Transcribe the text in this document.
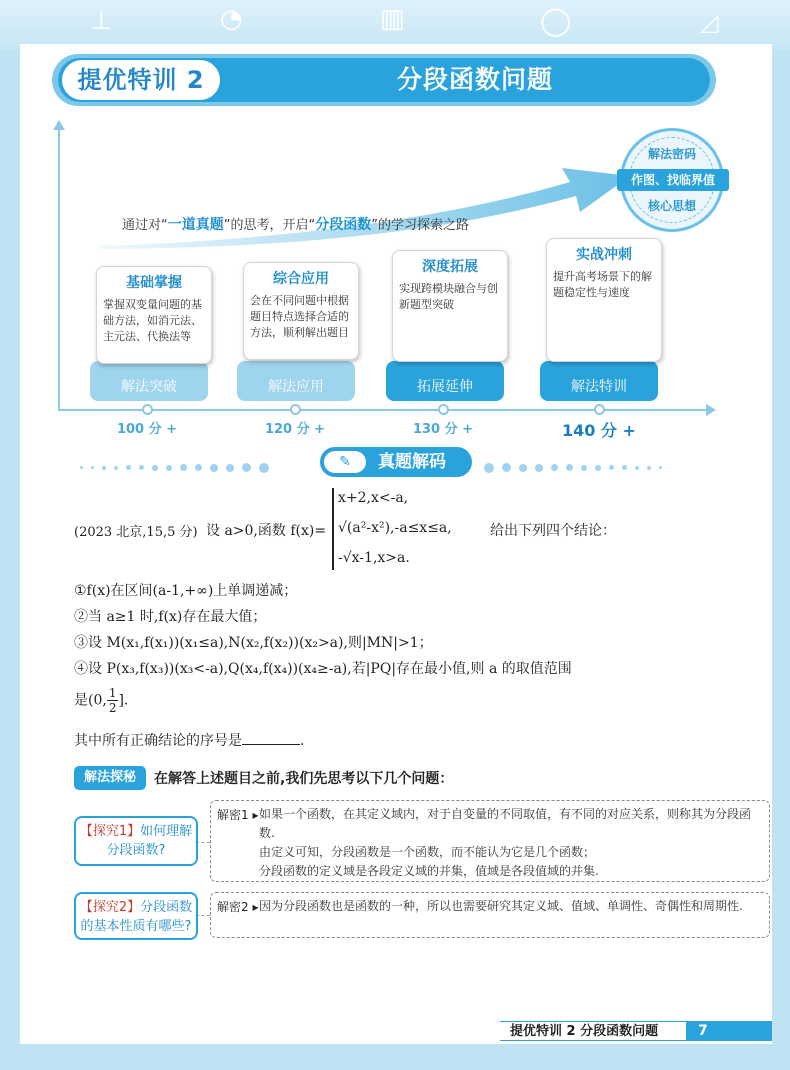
⊥	◔	▥	◯	◿
提优特训 2	分段函数问题
解法密码
作图、找临界值
核心思想
通过对“一道真题”的思考，开启“分段函数”的学习探索之路
解法突破
基础掌握
掌握双变量问题的基础方法，如消元法、主元法、代换法等
100 分 +
解法应用
综合应用
会在不同问题中根据题目特点选择合适的方法，顺利解出题目
120 分 +
拓展延伸
深度拓展
实现跨模块融合与创新题型突破
130 分 +
解法特训
实战冲刺
提升高考场景下的解题稳定性与速度
140 分 +
真题解码
✎
(2023 北京,15,5 分) 设 a>0,函数 f(x)=
x+2,x<-a,
√(a²-x²),-a≤x≤a,
-√x-1,x>a.
给出下列四个结论：
①f(x)在区间(a-1,+∞)上单调递减；
②当 a≥1 时,f(x)存在最大值；
③设 M(x₁,f(x₁))(x₁≤a),N(x₂,f(x₂))(x₂>a),则|MN|>1；
④设 P(x₃,f(x₃))(x₃<-a),Q(x₄,f(x₄))(x₄≥-a),若|PQ|存在最小值,则 a 的取值范围
是(0, $\frac{1}{2}$ ].
其中所有正确结论的序号是	.
解法探秘	在解答上述题目之前,我们先思考以下几个问题：
解密1 ▸ 如果一个函数，在其定义域内，对于自变量的不同取值，有不同的对应关系，则称其为分段函数.
由定义可知，分段函数是一个函数，而不能认为它是几个函数；
分段函数的定义域是各段定义域的并集，值域是各段值域的并集.
【探究1】如何理解分段函数?
解密2 ▸ 因为分段函数也是函数的一种，所以也需要研究其定义域、值域、单调性、奇偶性和周期性.
【探究2】分段函数的基本性质有哪些?
提优特训 2 分段函数问题	7
